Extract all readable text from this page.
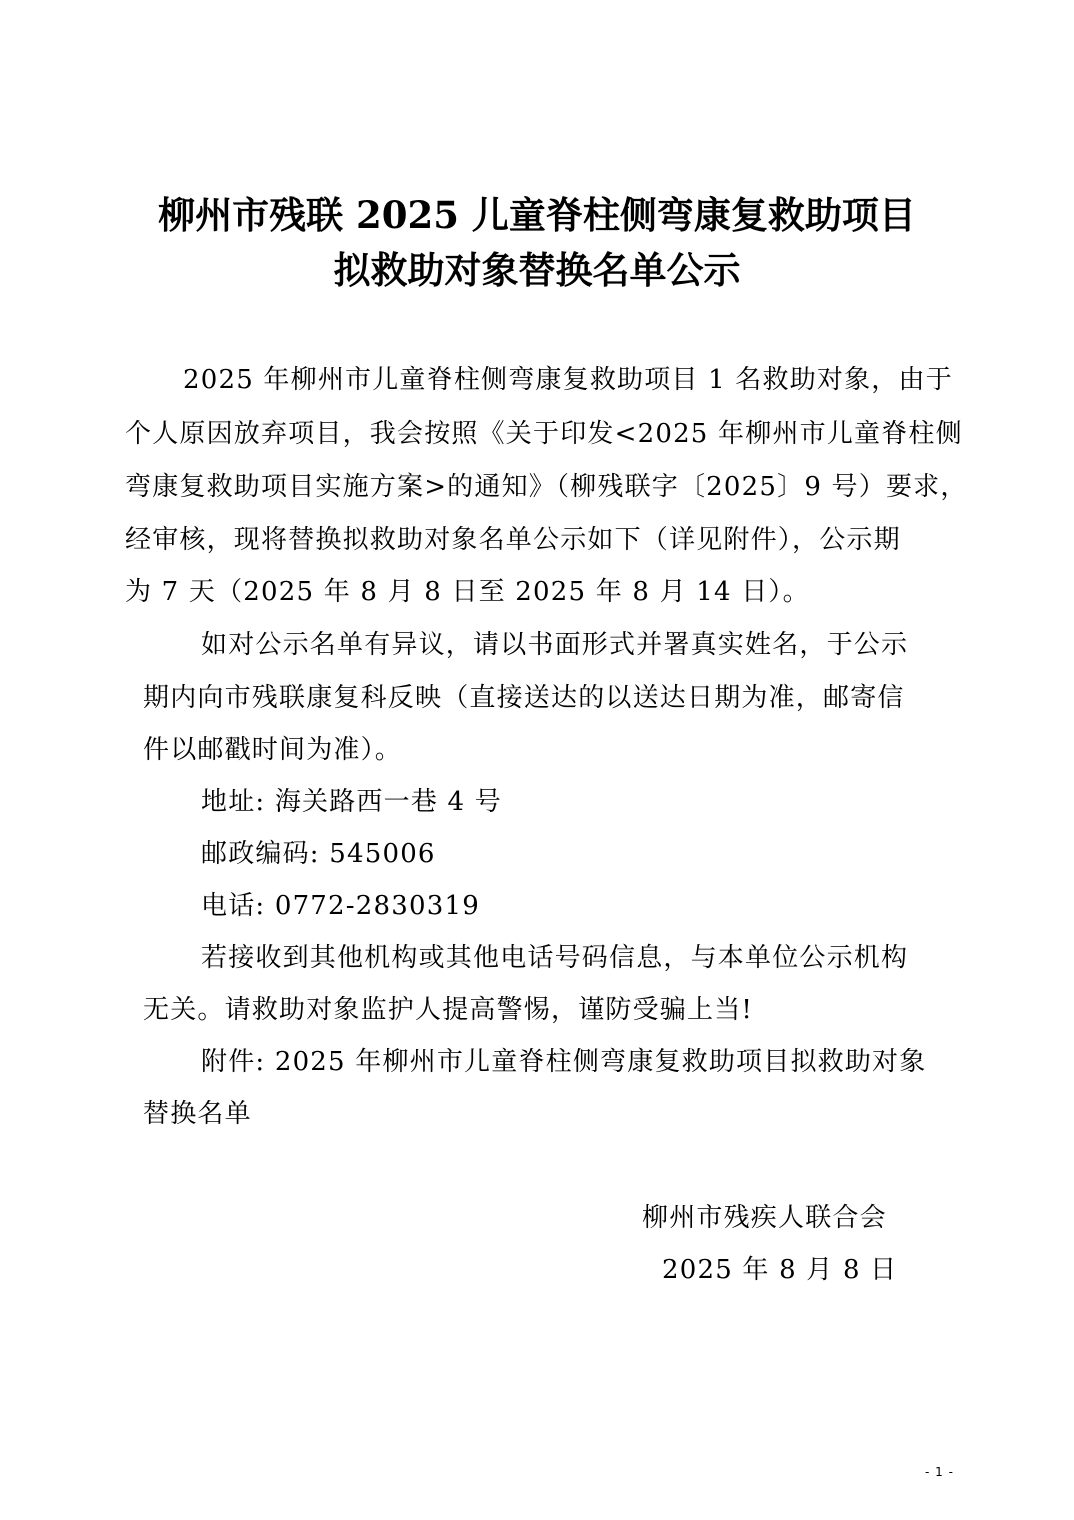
柳州市残联 2025 儿童脊柱侧弯康复救助项目
拟救助对象替换名单公示
2025 年柳州市儿童脊柱侧弯康复救助项目 1 名救助对象，由于
个人原因放弃项目，我会按照《关于印发<2025 年柳州市儿童脊柱侧
弯康复救助项目实施方案>的通知》（柳残联字〔2025〕9 号）要求，
经审核，现将替换拟救助对象名单公示如下（详见附件），公示期
为 7 天（2025 年 8 月 8 日至 2025 年 8 月 14 日）。
如对公示名单有异议，请以书面形式并署真实姓名，于公示
期内向市残联康复科反映（直接送达的以送达日期为准，邮寄信
件以邮戳时间为准）。
地址: 海关路西一巷 4 号
邮政编码: 545006
电话: 0772-2830319
若接收到其他机构或其他电话号码信息，与本单位公示机构
无关。请救助对象监护人提高警惕，谨防受骗上当!
附件: 2025 年柳州市儿童脊柱侧弯康复救助项目拟救助对象
替换名单
柳州市残疾人联合会
2025 年 8 月 8 日
- 1 -
